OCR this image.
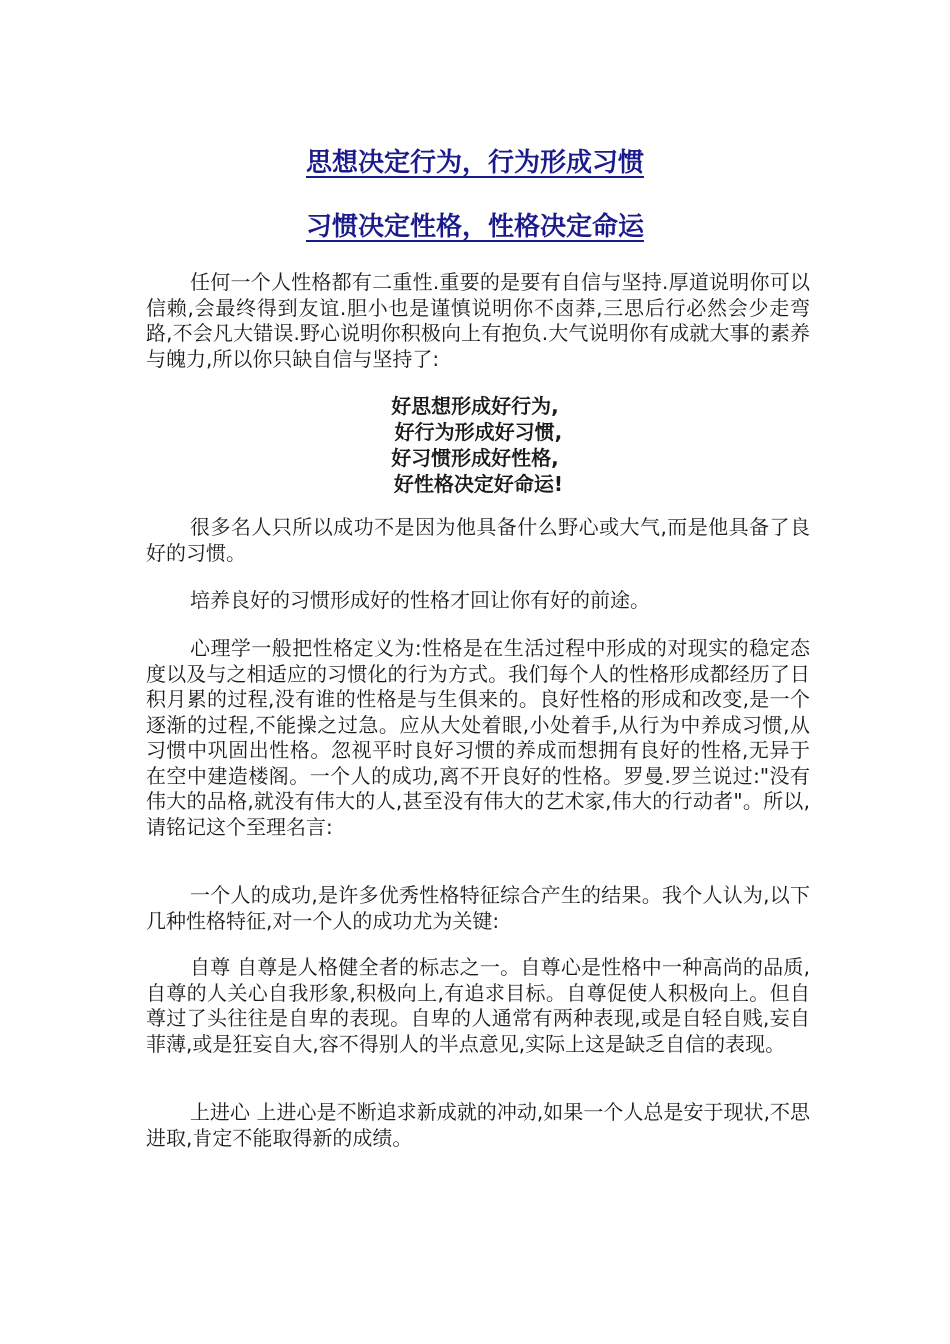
思想决定行为，行为形成习惯
习惯决定性格，性格决定命运

任何一个人性格都有二重性.重要的是要有自信与坚持.厚道说明你可以信赖,会最终得到友谊.胆小也是谨慎说明你不卤莽,三思后行必然会少走弯路,不会凡大错误.野心说明你积极向上有抱负.大气说明你有成就大事的素养与魄力,所以你只缺自信与坚持了:

好思想形成好行为,
好行为形成好习惯,
好习惯形成好性格,
好性格决定好命运!

很多名人只所以成功不是因为他具备什么野心或大气,而是他具备了良好的习惯。

培养良好的习惯形成好的性格才回让你有好的前途。

心理学一般把性格定义为:性格是在生活过程中形成的对现实的稳定态度以及与之相适应的习惯化的行为方式。我们每个人的性格形成都经历了日积月累的过程,没有谁的性格是与生俱来的。良好性格的形成和改变,是一个逐渐的过程,不能操之过急。应从大处着眼,小处着手,从行为中养成习惯,从习惯中巩固出性格。忽视平时良好习惯的养成而想拥有良好的性格,无异于在空中建造楼阁。一个人的成功,离不开良好的性格。罗曼.罗兰说过:"没有伟大的品格,就没有伟大的人,甚至没有伟大的艺术家,伟大的行动者"。所以,请铭记这个至理名言:

一个人的成功,是许多优秀性格特征综合产生的结果。我个人认为,以下几种性格特征,对一个人的成功尤为关键:

自尊 自尊是人格健全者的标志之一。自尊心是性格中一种高尚的品质,自尊的人关心自我形象,积极向上,有追求目标。自尊促使人积极向上。但自尊过了头往往是自卑的表现。自卑的人通常有两种表现,或是自轻自贱,妄自菲薄,或是狂妄自大,容不得别人的半点意见,实际上这是缺乏自信的表现。

上进心 上进心是不断追求新成就的冲动,如果一个人总是安于现状,不思进取,肯定不能取得新的成绩。
